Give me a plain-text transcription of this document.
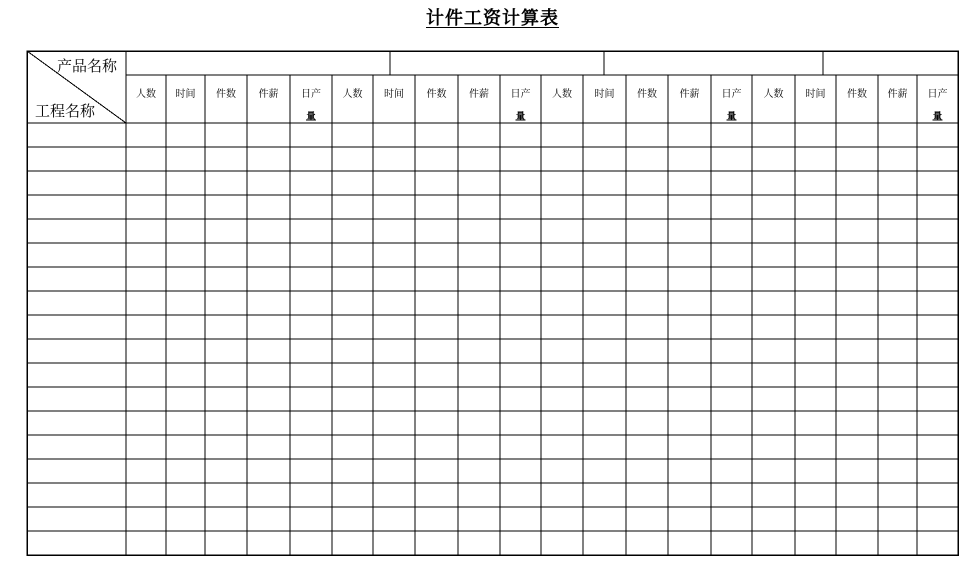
计件工资计算表
产品名称
工程名称
人数 时间 件数 件薪 日产
量
人数 时间 件数 件薪 日产
量
人数 时间 件数 件薪 日产
量
人数 时间 件数 件薪 日产
量
